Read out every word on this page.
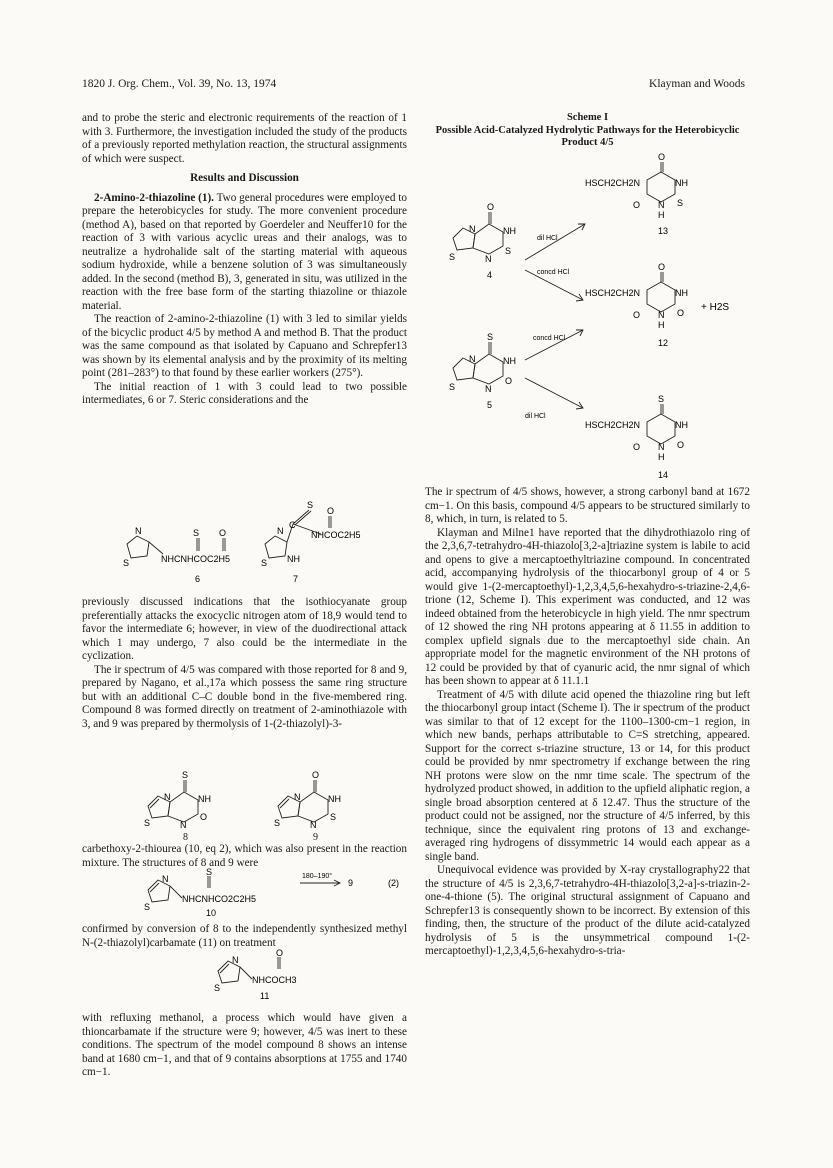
1820 J. Org. Chem., Vol. 39, No. 13, 1974	Klayman and Woods

and to probe the steric and electronic requirements of the reaction of 1 with 3. Furthermore, the investigation included the study of the products of a previously reported methylation reaction, the structural assignments of which were suspect.

Results and Discussion

2-Amino-2-thiazoline (1). Two general procedures were employed to prepare the heterobicycles for study. The more convenient procedure (method A), based on that reported by Goerdeler and Neuffer10 for the reaction of 3 with various acyclic ureas and their analogs, was to neutralize a hydrohalide salt of the starting material with aqueous sodium hydroxide, while a benzene solution of 3 was simultaneously added. In the second (method B), 3, generated in situ, was utilized in the reaction with the free base form of the starting thiazoline or thiazole material.

The reaction of 2-amino-2-thiazoline (1) with 3 led to similar yields of the bicyclic product 4/5 by method A and method B. That the product was the same compound as that isolated by Capuano and Schrepfer13 was shown by its elemental analysis and by the proximity of its melting point (281–283°) to that found by these earlier workers (275°).

The initial reaction of 1 with 3 could lead to two possible intermediates, 6 or 7. Steric considerations and the

N
S
S O
NHCNHCOC2H5
6
S
C
O
NHCOC2H5
N
S NH
7

previously discussed indications that the isothiocyanate group preferentially attacks the exocyclic nitrogen atom of 18,9 would tend to favor the intermediate 6; however, in view of the duodirectional attack which 1 may undergo, 7 also could be the intermediate in the cyclization.

The ir spectrum of 4/5 was compared with those reported for 8 and 9, prepared by Nagano, et al.,17a which possess the same ring structure but with an additional C–C double bond in the five-membered ring. Compound 8 was formed directly on treatment of 2-aminothiazole with 3, and 9 was prepared by thermolysis of 1-(2-thiazolyl)-3-

S
N	NH
S	N
O
O
N	NH
S	N
S
8	9

carbethoxy-2-thiourea (10, eq 2), which was also present in the reaction mixture. The structures of 8 and 9 were

N
S
S
NHCNHCO2C2H5
180–190°
9	(2)
10

confirmed by conversion of 8 to the independently synthesized methyl N-(2-thiazolyl)carbamate (11) on treatment

N
O
S
NHCOCH3
11

with refluxing methanol, a process which would have given a thioncarbamate if the structure were 9; however, 4/5 was inert to these conditions. The spectrum of the model compound 8 shows an intense band at 1680 cm−1, and that of 9 contains absorptions at 1755 and 1740 cm−1.

Scheme I
Possible Acid-Catalyzed Hydrolytic Pathways for the Heterobicyclic Product 4/5
O
HSCH2CH2N	NH
O N S
H
13
dil HCl
O
N	NH
S	N
S
4	concd HCl
O
HSCH2CH2N	NH
+ H2S
O N O
H
12
concd HCl
S
N	NH
S	N
O
5
dil HCl
S
HSCH2CH2N	NH
O N O
H
14

The ir spectrum of 4/5 shows, however, a strong carbonyl band at 1672 cm−1. On this basis, compound 4/5 appears to be structured similarly to 8, which, in turn, is related to 5.

Klayman and Milne1 have reported that the dihydrothiazolo ring of the 2,3,6,7-tetrahydro-4H-thiazolo[3,2-a]triazine system is labile to acid and opens to give a mercaptoethyltriazine compound. In concentrated acid, accompanying hydrolysis of the thiocarbonyl group of 4 or 5 would give 1-(2-mercaptoethyl)-1,2,3,4,5,6-hexahydro-s-triazine-2,4,6-trione (12, Scheme I). This experiment was conducted, and 12 was indeed obtained from the heterobicycle in high yield. The nmr spectrum of 12 showed the ring NH protons appearing at δ 11.55 in addition to complex upfield signals due to the mercaptoethyl side chain. An appropriate model for the magnetic environment of the NH protons of 12 could be provided by that of cyanuric acid, the nmr signal of which has been shown to appear at δ 11.1.1

Treatment of 4/5 with dilute acid opened the thiazoline ring but left the thiocarbonyl group intact (Scheme I). The ir spectrum of the product was similar to that of 12 except for the 1100–1300-cm−1 region, in which new bands, perhaps attributable to C=S stretching, appeared. Support for the correct s-triazine structure, 13 or 14, for this product could be provided by nmr spectrometry if exchange between the ring NH protons were slow on the nmr time scale. The spectrum of the hydrolyzed product showed, in addition to the upfield aliphatic region, a single broad absorption centered at δ 12.47. Thus the structure of the product could not be assigned, nor the structure of 4/5 inferred, by this technique, since the equivalent ring protons of 13 and exchange-averaged ring hydrogens of dissymmetric 14 would each appear as a single band.

Unequivocal evidence was provided by X-ray crystallography22 that the structure of 4/5 is 2,3,6,7-tetrahydro-4H-thiazolo[3,2-a]-s-triazin-2-one-4-thione (5). The original structural assignment of Capuano and Schrepfer13 is consequently shown to be incorrect. By extension of this finding, then, the structure of the product of the dilute acid-catalyzed hydrolysis of 5 is the unsymmetrical compound 1-(2-mercaptoethyl)-1,2,3,4,5,6-hexahydro-s-tria-
